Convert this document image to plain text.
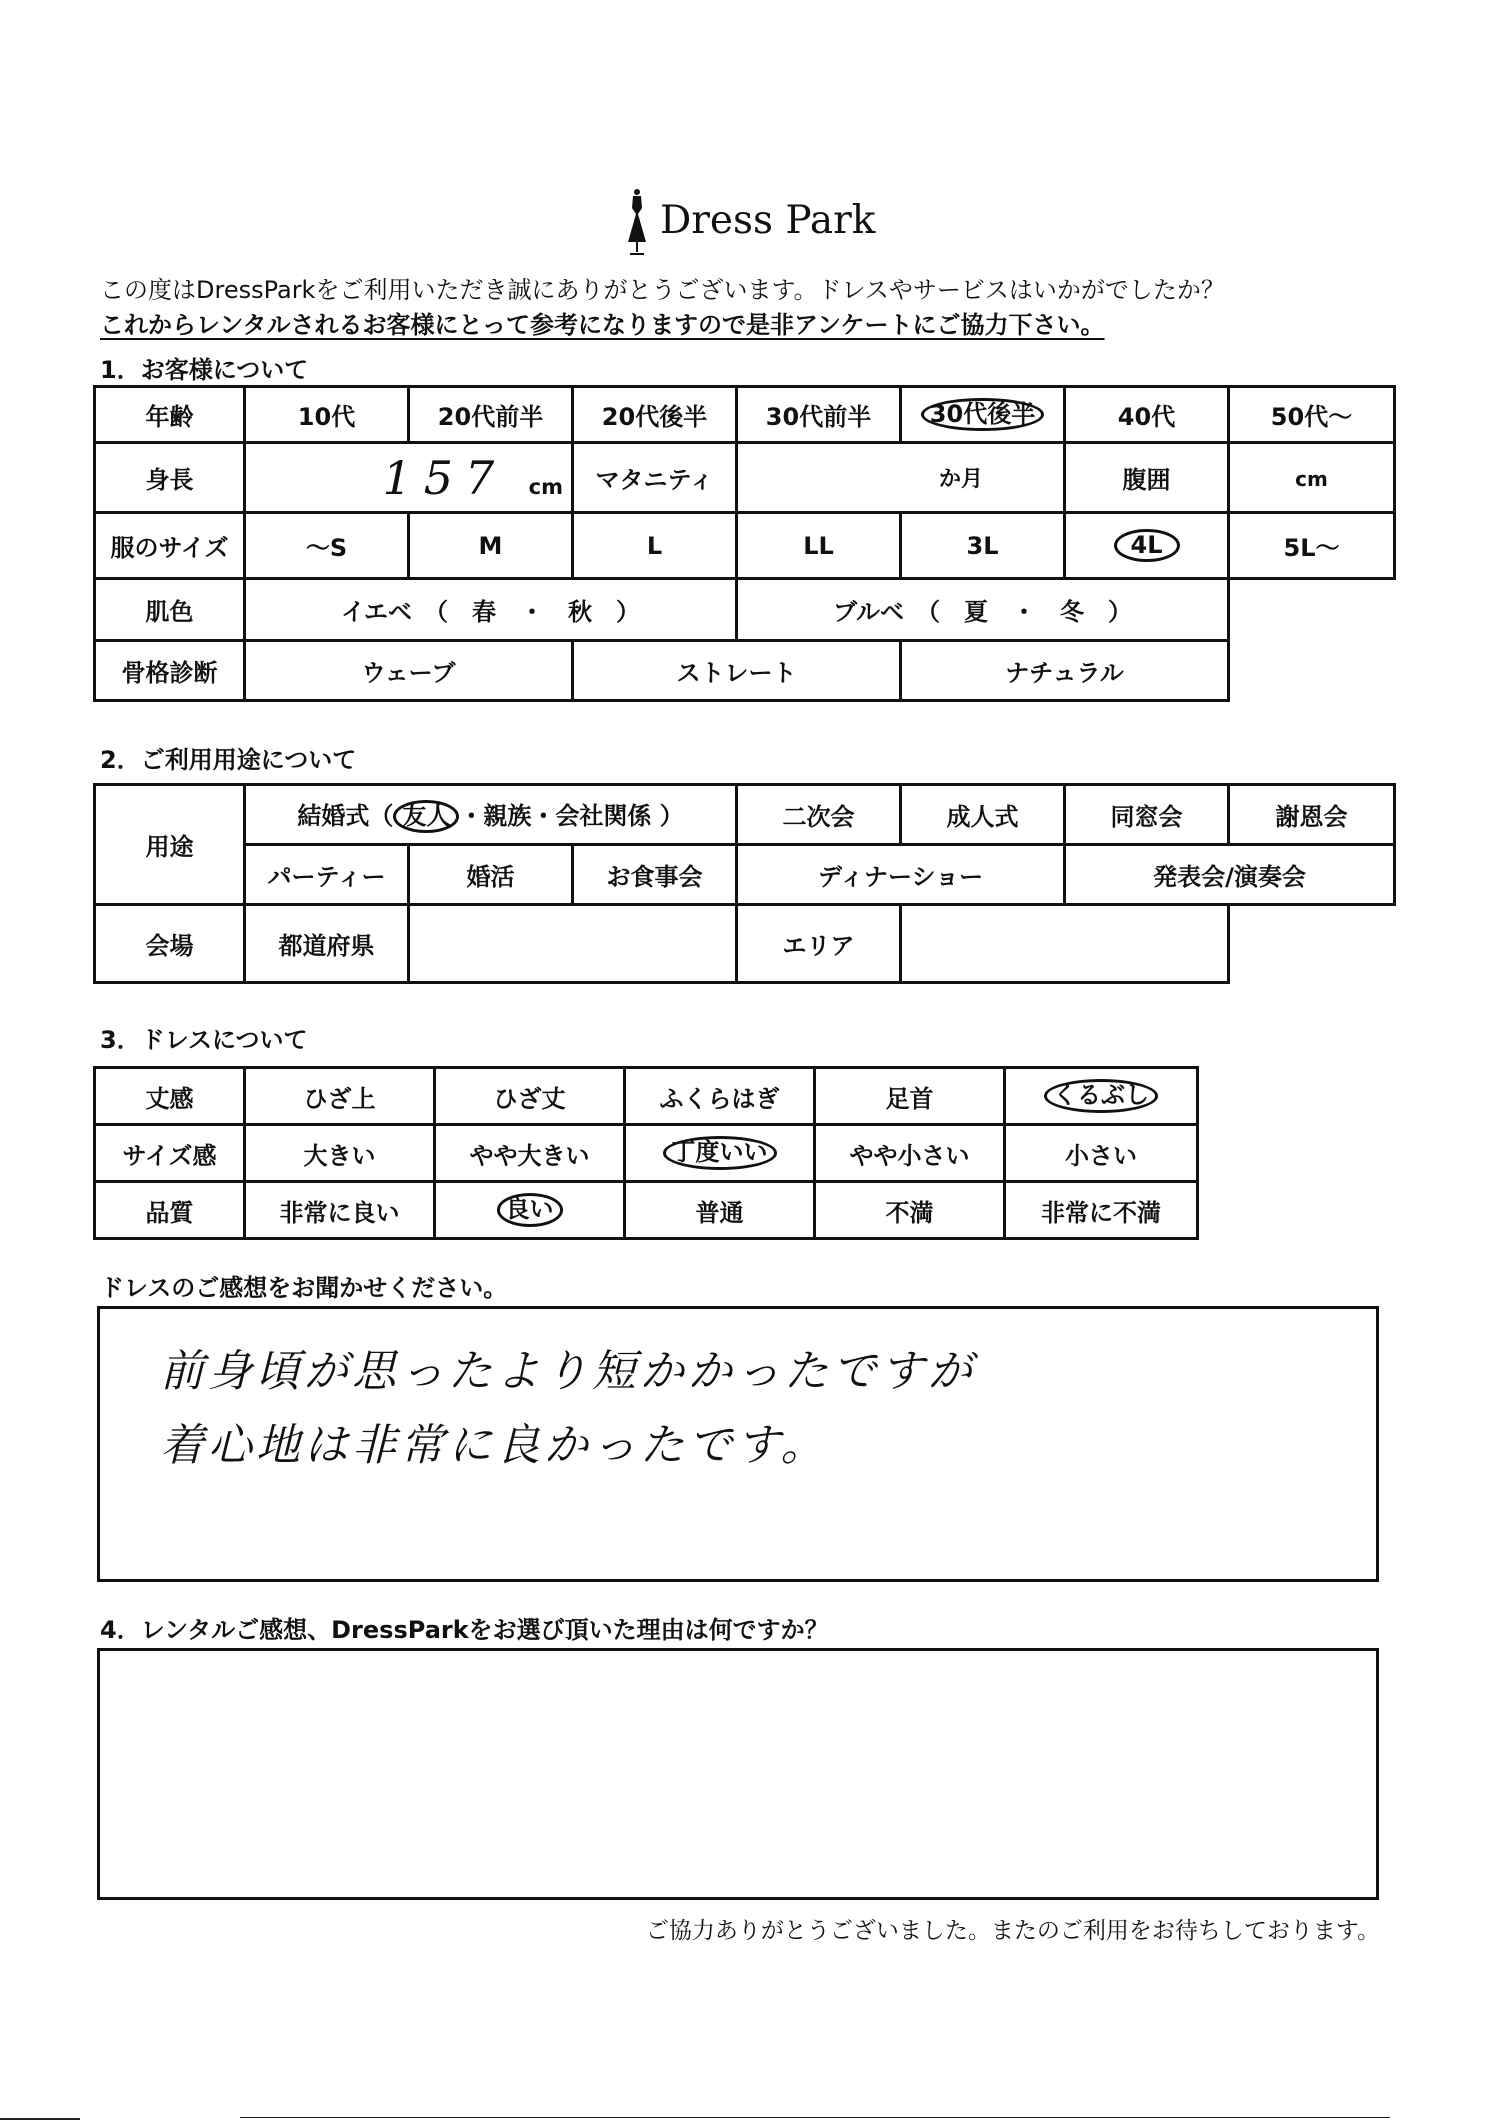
Dress Park
この度はDressParkをご利用いただき誠にありがとうございます。ドレスやサービスはいかがでしたか？
これからレンタルされるお客様にとって参考になりますので是非アンケートにご協力下さい。
1．お客様について
年齢	10代	20代前半	20代後半	30代前半	30代後半	40代	50代～
身長	157 cm		マタニティ	か月		腹囲	cm
服のサイズ	～S	M	L	LL	3L	4L	5L～
肌色	イエベ　（　春　・　秋　）			ブルベ　（　夏　・　冬　）			
骨格診断	ウェーブ		ストレート		ナチュラル		
2．ご利用用途について
用途	結婚式（ 友人 ・親族・会社関係 ）			二次会	成人式	同窓会	謝恩会
	パーティー	婚活	お食事会	ディナーショー		発表会/演奏会	
会場	都道府県			エリア			
3．ドレスについて
丈感	ひざ上	ひざ丈	ふくらはぎ	足首	くるぶし
サイズ感	大きい	やや大きい	丁度いい	やや小さい	小さい
品質	非常に良い	良い	普通	不満	非常に不満
ドレスのご感想をお聞かせください。
前身頃が思ったより短かかったですが
着心地は非常に良かったです。
4．レンタルご感想、DressParkをお選び頂いた理由は何ですか？
ご協力ありがとうございました。またのご利用をお待ちしております。
